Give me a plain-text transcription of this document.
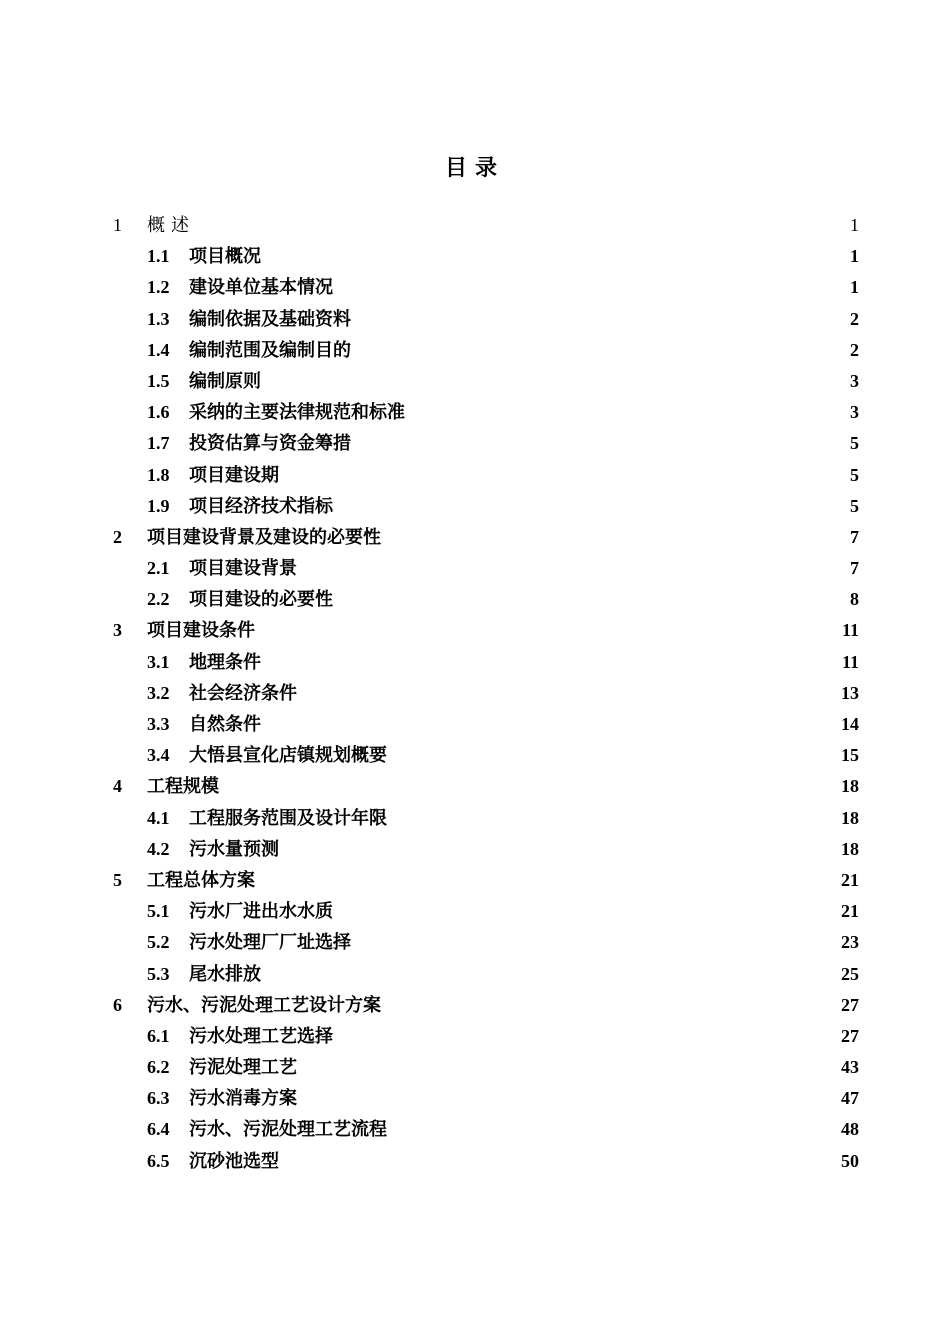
目录
1	概述	1
1.1	项目概况	1
1.2	建设单位基本情况	1
1.3	编制依据及基础资料	2
1.4	编制范围及编制目的	2
1.5	编制原则	3
1.6	采纳的主要法律规范和标准	3
1.7	投资估算与资金筹措	5
1.8	项目建设期	5
1.9	项目经济技术指标	5
2	项目建设背景及建设的必要性	7
2.1	项目建设背景	7
2.2	项目建设的必要性	8
3	项目建设条件	11
3.1	地理条件	11
3.2	社会经济条件	13
3.3	自然条件	14
3.4	大悟县宣化店镇规划概要	15
4	工程规模	18
4.1	工程服务范围及设计年限	18
4.2	污水量预测	18
5	工程总体方案	21
5.1	污水厂进出水水质	21
5.2	污水处理厂厂址选择	23
5.3	尾水排放	25
6	污水、污泥处理工艺设计方案	27
6.1	污水处理工艺选择	27
6.2	污泥处理工艺	43
6.3	污水消毒方案	47
6.4	污水、污泥处理工艺流程	48
6.5	沉砂池选型	50
